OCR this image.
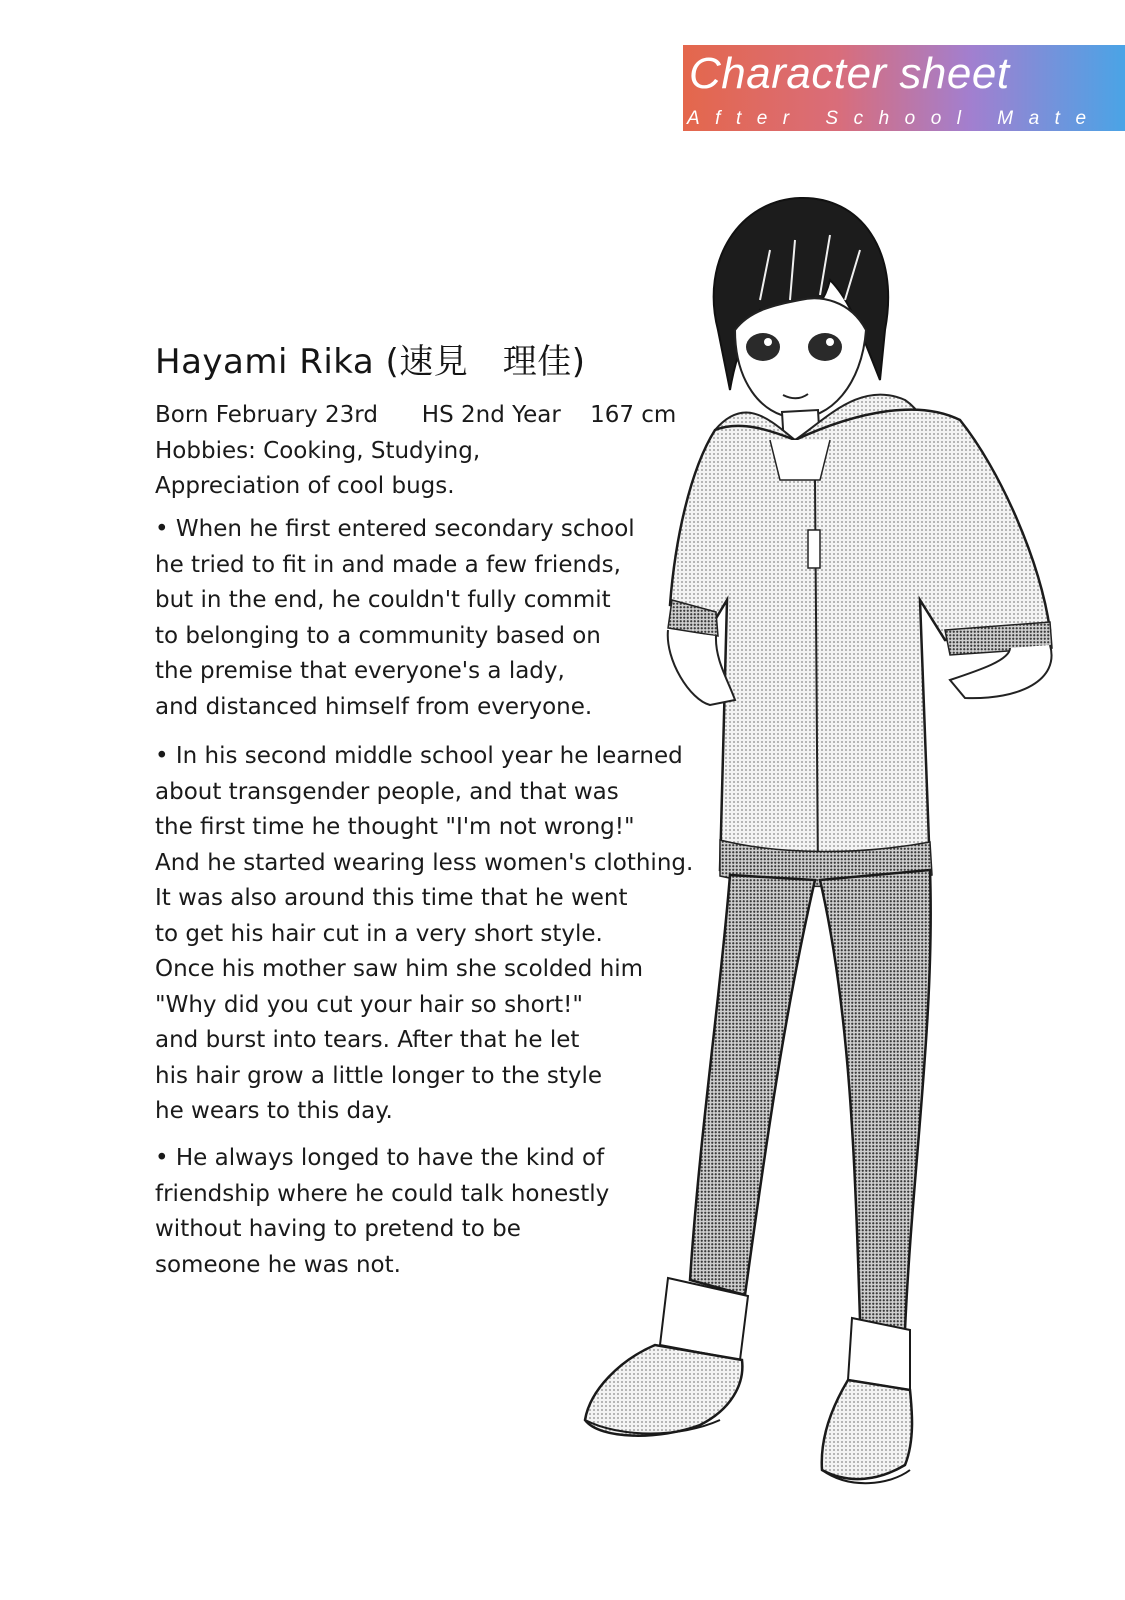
Character sheet
After School Mate
Hayami Rika (速見　理佳)
Born February 23rd      HS 2nd Year    167 cm
Hobbies: Cooking, Studying,
Appreciation of cool bugs.
• When he first entered secondary school
he tried to fit in and made a few friends,
but in the end, he couldn't fully commit
to belonging to a community based on
the premise that everyone's a lady,
and distanced himself from everyone.
• In his second middle school year he learned
about transgender people, and that was
the first time he thought "I'm not wrong!"
And he started wearing less women's clothing.
It was also around this time that he went
to get his hair cut in a very short style.
Once his mother saw him she scolded him
"Why did you cut your hair so short!"
and burst into tears. After that he let
his hair grow a little longer to the style
he wears to this day.
• He always longed to have the kind of
friendship where he could talk honestly
without having to pretend to be
someone he was not.
